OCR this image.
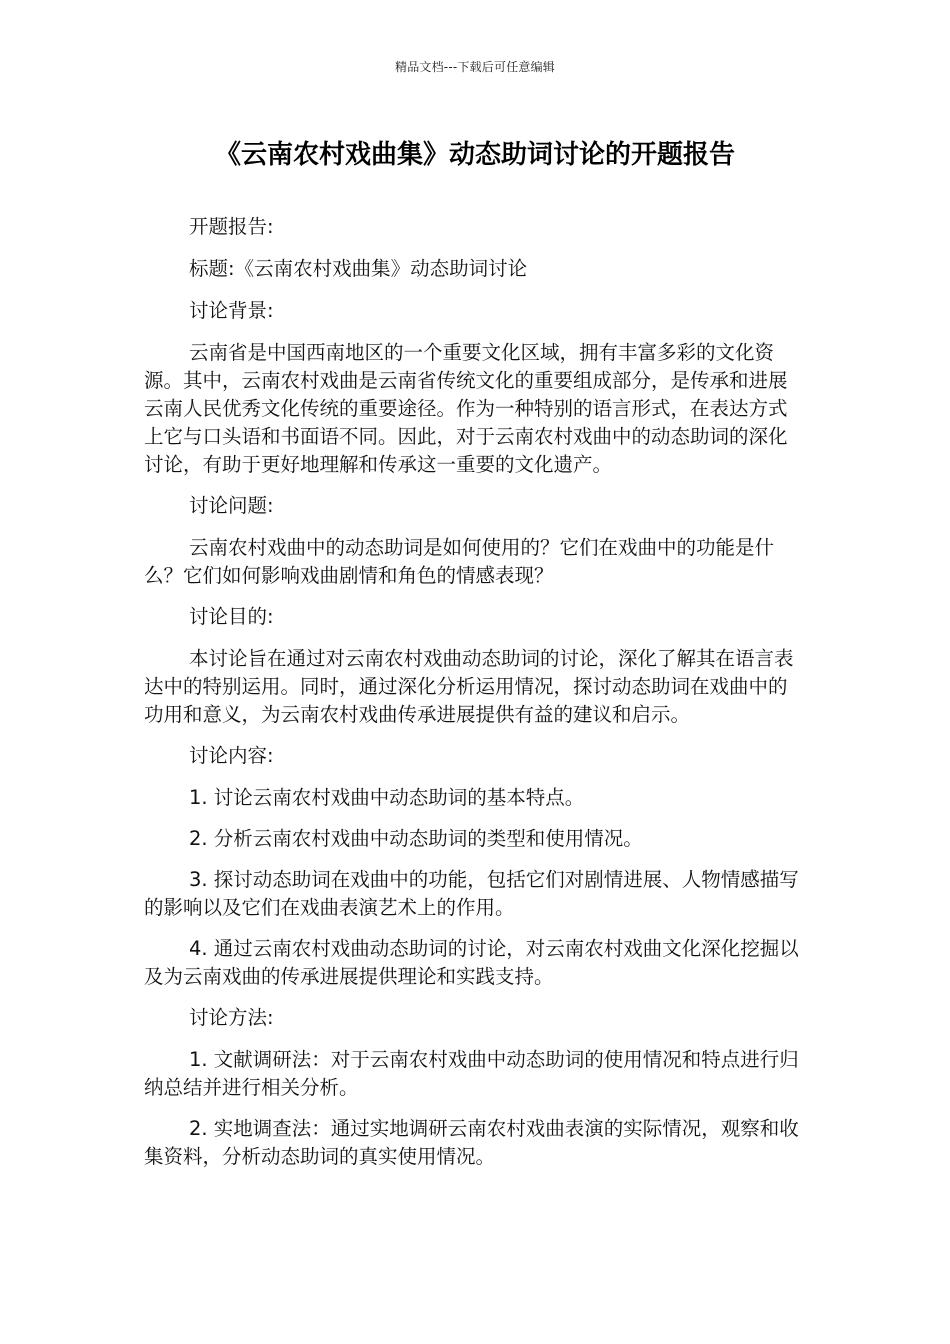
精品文档---下载后可任意编辑
《云南农村戏曲集》动态助词讨论的开题报告

开题报告:

标题:《云南农村戏曲集》动态助词讨论

讨论背景:

云南省是中国西南地区的一个重要文化区域，拥有丰富多彩的文化资源。其中，云南农村戏曲是云南省传统文化的重要组成部分，是传承和进展云南人民优秀文化传统的重要途径。作为一种特别的语言形式，在表达方式上它与口头语和书面语不同。因此，对于云南农村戏曲中的动态助词的深化讨论，有助于更好地理解和传承这一重要的文化遗产。

讨论问题:

云南农村戏曲中的动态助词是如何使用的？它们在戏曲中的功能是什么？它们如何影响戏曲剧情和角色的情感表现？

讨论目的:

本讨论旨在通过对云南农村戏曲动态助词的讨论，深化了解其在语言表达中的特别运用。同时，通过深化分析运用情况，探讨动态助词在戏曲中的功用和意义，为云南农村戏曲传承进展提供有益的建议和启示。

讨论内容:

1. 讨论云南农村戏曲中动态助词的基本特点。

2. 分析云南农村戏曲中动态助词的类型和使用情况。

3. 探讨动态助词在戏曲中的功能，包括它们对剧情进展、人物情感描写的影响以及它们在戏曲表演艺术上的作用。

4. 通过云南农村戏曲动态助词的讨论，对云南农村戏曲文化深化挖掘以及为云南戏曲的传承进展提供理论和实践支持。

讨论方法:

1. 文献调研法：对于云南农村戏曲中动态助词的使用情况和特点进行归纳总结并进行相关分析。

2. 实地调查法：通过实地调研云南农村戏曲表演的实际情况，观察和收集资料，分析动态助词的真实使用情况。
